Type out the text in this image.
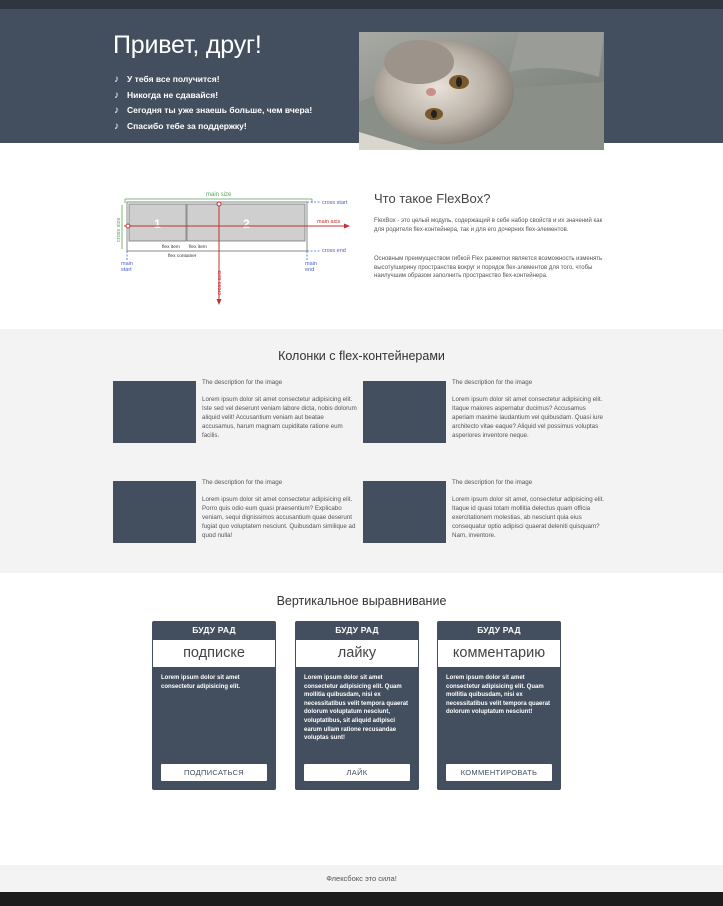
Привет, друг!
♪ У тебя все получится!
♪ Никогда не сдавайся!
♪ Сегодня ты уже знаешь больше, чем вчера!
♪ Спасибо тебе за поддержку!
main size
cross size	1	2
flex item flex item
flex container
main axis
cross axis
cross start
cross end
main start
main end
Что такое FlexBox?

FlexBox - это целый модуль, содержащий в себе набор свойств и их значений как для родителя flex-контейнера, так и для его дочерних flex-элементов.

Основным преимуществом гибкой Flex разметки является возможность изменять высоту/ширину пространства вокруг и порядок flex-элементов для того, чтобы наилучшим образом заполнить пространство flex-контейнера.

Колонки с flex-контейнерами
The description for the image
Lorem ipsum dolor sit amet consectetur adipisicing elit. Iste sed vel deserunt veniam labore dicta, nobis dolorum aliquid velit! Accusantium veniam aut beatae accusamus, harum magnam cupiditate ratione eum facilis.
The description for the image
Lorem ipsum dolor sit amet consectetur adipisicing elit. Itaque maiores aspernatur ducimus? Accusamus aperiam maxime laudantium vel quibusdam. Quasi iure architecto vitae eaque? Aliquid vel possimus voluptas asperiores inventore neque.
The description for the image
Lorem ipsum dolor sit amet consectetur adipisicing elit. Porro quis odio eum quasi praesentium? Explicabo veniam, sequi dignissimos accusantium quae deserunt fugiat quo voluptatem nesciunt. Quibusdam similique ad quod nulla!
The description for the image
Lorem ipsum dolor sit amet, consectetur adipisicing elit. Itaque id quasi totam mollitia delectus quam officia exercitationem molestias, ab nesciunt quia eius consequatur optio adipisci quaerat deleniti quisquam? Nam, inventore.
Вертикальное выравнивание
БУДУ РАД
подписке
Lorem ipsum dolor sit amet consectetur adipisicing elit.
ПОДПИСАТЬСЯ
БУДУ РАД
лайку
Lorem ipsum dolor sit amet consectetur adipisicing elit. Quam mollitia quibusdam, nisi ex necessitatibus velit tempora quaerat dolorum voluptatum nesciunt, voluptatibus, sit aliquid adipisci earum ullam ratione recusandae voluptas sunt!
ЛАЙК
БУДУ РАД
комментарию
Lorem ipsum dolor sit amet consectetur adipisicing elit. Quam mollitia quibusdam, nisi ex necessitatibus velit tempora quaerat dolorum voluptatum nesciunt!
КОММЕНТИРОВАТЬ
Флексбокс это сила!
